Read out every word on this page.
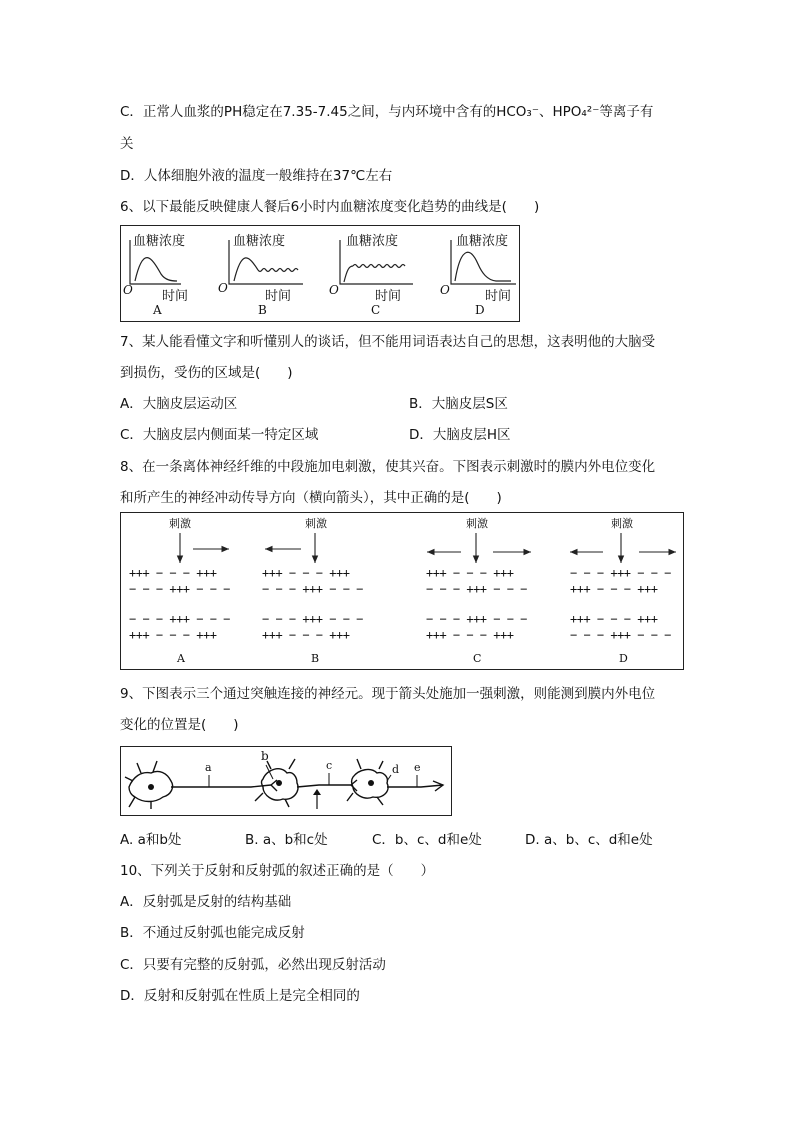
C．正常人血浆的PH稳定在7.35-7.45之间，与内环境中含有的HCO₃⁻、HPO₄²⁻等离子有
关
D．人体细胞外液的温度一般维持在37℃左右
6、以下最能反映健康人餐后6小时内血糖浓度变化趋势的曲线是(　　)
血糖浓度
O 时间
A
血糖浓度
O
时间
B
血糖浓度
O	时间
C
血糖浓度
O	时间
D
7、某人能看懂文字和听懂别人的谈话，但不能用词语表达自己的思想，这表明他的大脑受
到损伤，受伤的区域是(　　)
A．大脑皮层运动区	B．大脑皮层S区
C．大脑皮层内侧面某一特定区域	D．大脑皮层H区
8、在一条离体神经纤维的中段施加电刺激，使其兴奋。下图表示刺激时的膜内外电位变化
和所产生的神经冲动传导方向（横向箭头），其中正确的是(　　)
刺激	刺激	刺激	刺激
+++ − − − +++
− − − +++ − − −
− − − +++ − − −
+++ − − − +++
+++ − − − +++
− − − +++ − − −
− − − +++ − − −
+++ − − − +++
+++ − − − +++
− − − +++ − − −
− − − +++ − − −
+++ − − − +++
− − − +++ − − −
+++ − − − +++
+++ − − − +++
− − − +++ − − −
A	B	C	D
9、下图表示三个通过突触连接的神经元。现于箭头处施加一强刺激，则能测到膜内外电位
变化的位置是(　　)
a
b
c	d e
A. a和b处	B. a、b和c处	C．b、c、d和e处	D. a、b、c、d和e处
10、下列关于反射和反射弧的叙述正确的是（　　）
A．反射弧是反射的结构基础
B．不通过反射弧也能完成反射
C．只要有完整的反射弧，必然出现反射活动
D．反射和反射弧在性质上是完全相同的
